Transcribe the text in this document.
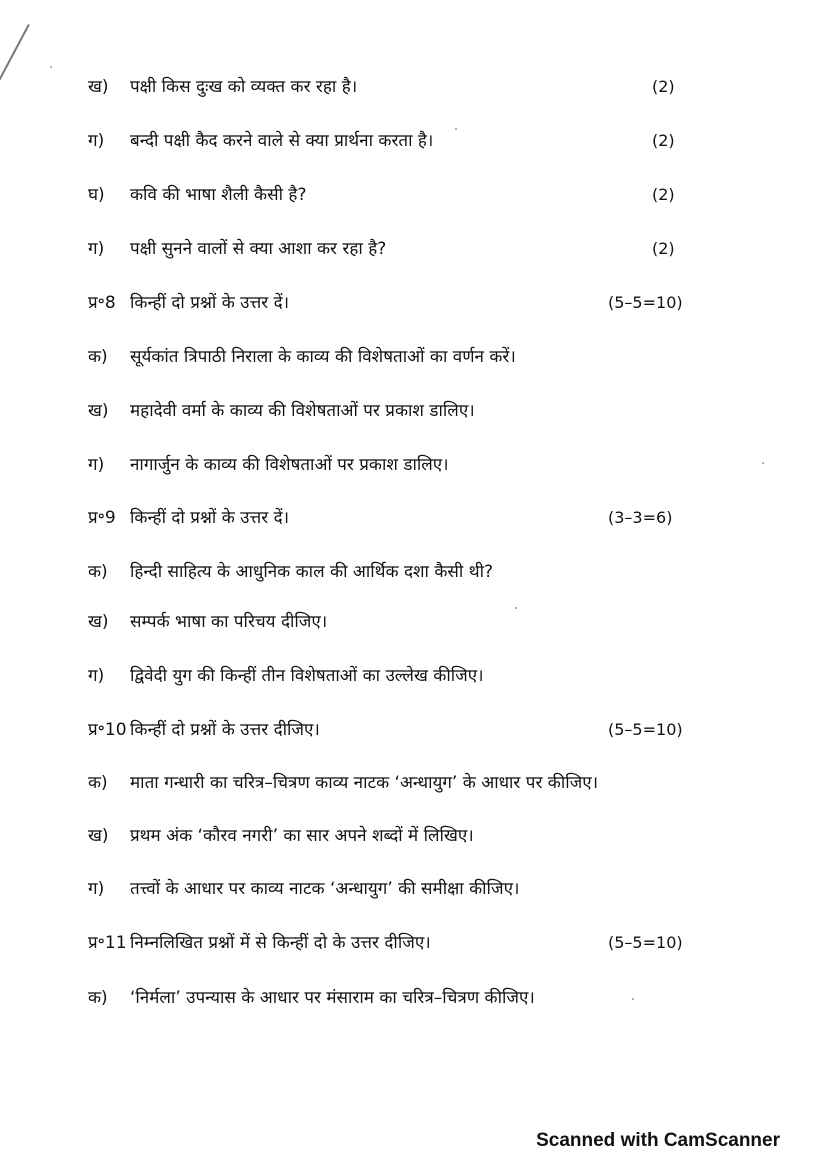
ख) पक्षी किस दुःख को व्यक्त कर रहा है।	(2)
ग) बन्दी पक्षी कैद करने वाले से क्या प्रार्थना करता है।	(2)
घ) कवि की भाषा शैली कैसी है?	(2)
ग) पक्षी सुनने वालों से क्या आशा कर रहा है?	(2)
प्र॰8 किन्हीं दो प्रश्नों के उत्तर दें।	(5–5=10)
क) सूर्यकांत त्रिपाठी निराला के काव्य की विशेषताओं का वर्णन करें।
ख) महादेवी वर्मा के काव्य की विशेषताओं पर प्रकाश डालिए।
ग) नागार्जुन के काव्य की विशेषताओं पर प्रकाश डालिए।
प्र॰9 किन्हीं दो प्रश्नों के उत्तर दें।	(3–3=6)
क) हिन्दी साहित्य के आधुनिक काल की आर्थिक दशा कैसी थी?
ख) सम्पर्क भाषा का परिचय दीजिए।
ग) द्विवेदी युग की किन्हीं तीन विशेषताओं का उल्लेख कीजिए।
प्र॰10 किन्हीं दो प्रश्नों के उत्तर दीजिए।	(5–5=10)
क) माता गन्धारी का चरित्र–चित्रण काव्य नाटक ‘अन्धायुग’ के आधार पर कीजिए।
ख) प्रथम अंक ‘कौरव नगरी’ का सार अपने शब्दों में लिखिए।
ग) तत्त्वों के आधार पर काव्य नाटक ‘अन्धायुग’ की समीक्षा कीजिए।
प्र॰11 निम्नलिखित प्रश्नों में से किन्हीं दो के उत्तर दीजिए।	(5–5=10)
क) ‘निर्मला’ उपन्यास के आधार पर मंसाराम का चरित्र–चित्रण कीजिए।
Scanned with CamScanner
